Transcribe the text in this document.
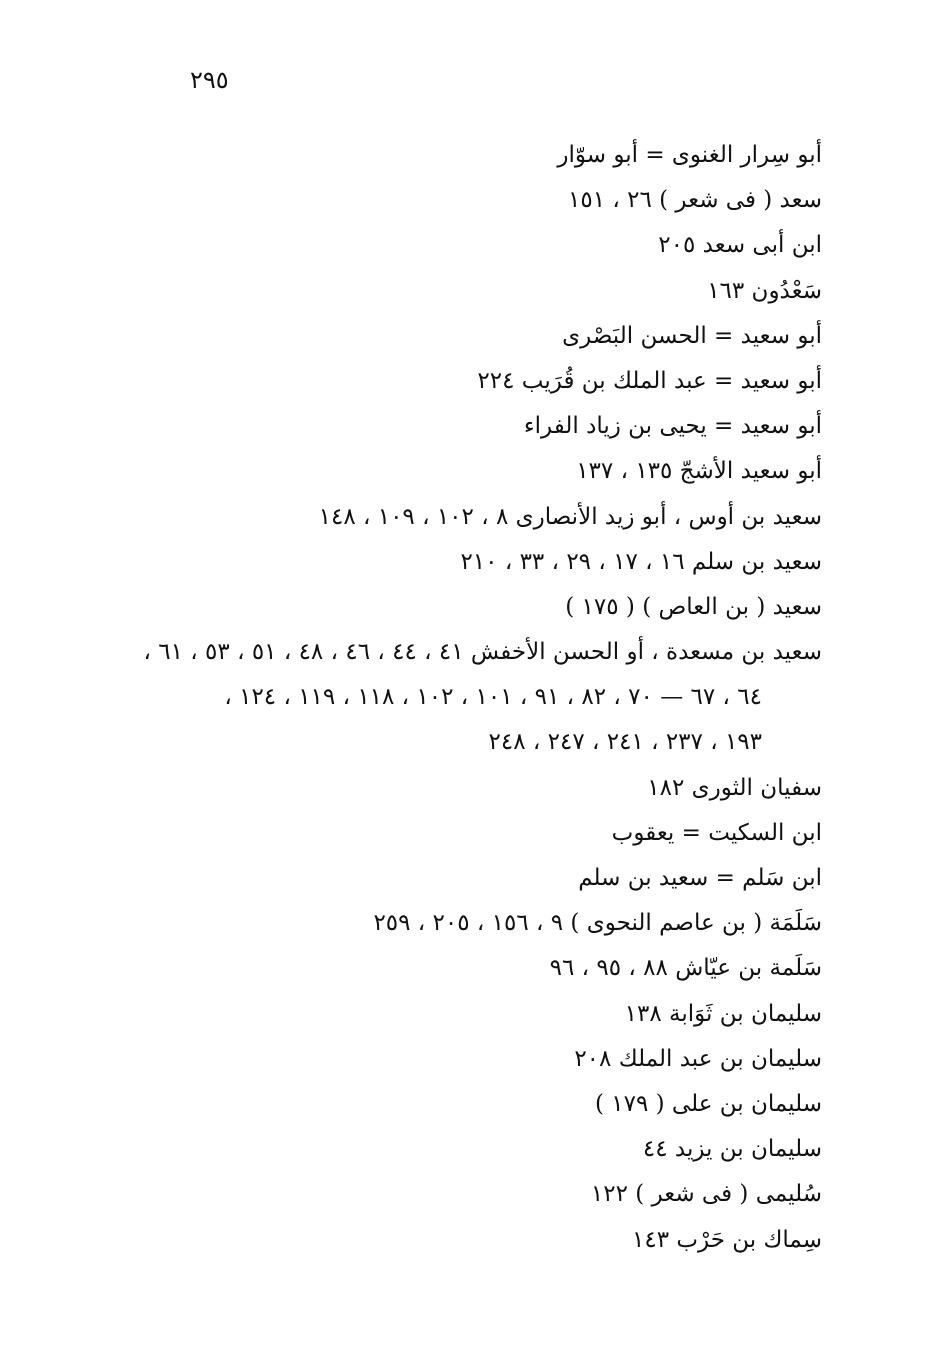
٢٩٥
أبو سِرار الغنوى = أبو سوّار
سعد ( فى شعر ) ٢٦ ، ١٥١
ابن أبى سعد ٢٠٥
سَعْدُون ١٦٣
أبو سعيد = الحسن البَصْرى
أبو سعيد = عبد الملك بن قُرَيب ٢٢٤
أبو سعيد = يحيى بن زياد الفراء
أبو سعيد الأشجّ ١٣٥ ، ١٣٧
سعيد بن أوس ، أبو زيد الأنصارى ٨ ، ١٠٢ ، ١٠٩ ، ١٤٨
سعيد بن سلم ١٦ ، ١٧ ، ٢٩ ، ٣٣ ، ٢١٠
سعيد ( بن العاص ) ( ١٧٥ )
سعيد بن مسعدة ، أو الحسن الأخفش ٤١ ، ٤٤ ، ٤٦ ، ٤٨ ، ٥١ ، ٥٣ ، ٦١ ،
٦٤ ، ٦٧ — ٧٠ ، ٨٢ ، ٩١ ، ١٠١ ، ١٠٢ ، ١١٨ ، ١١٩ ، ١٢٤ ،
١٩٣ ، ٢٣٧ ، ٢٤١ ، ٢٤٧ ، ٢٤٨
سفيان الثورى ١٨٢
ابن السكيت = يعقوب
ابن سَلم = سعيد بن سلم
سَلَمَة ( بن عاصم النحوى ) ٩ ، ١٥٦ ، ٢٠٥ ، ٢٥٩
سَلَمة بن عيّاش ٨٨ ، ٩٥ ، ٩٦
سليمان بن ثَوَابة ١٣٨
سليمان بن عبد الملك ٢٠٨
سليمان بن على ( ١٧٩ )
سليمان بن يزيد ٤٤
سُليمى ( فى شعر ) ١٢٢
سِماك بن حَرْب ١٤٣
